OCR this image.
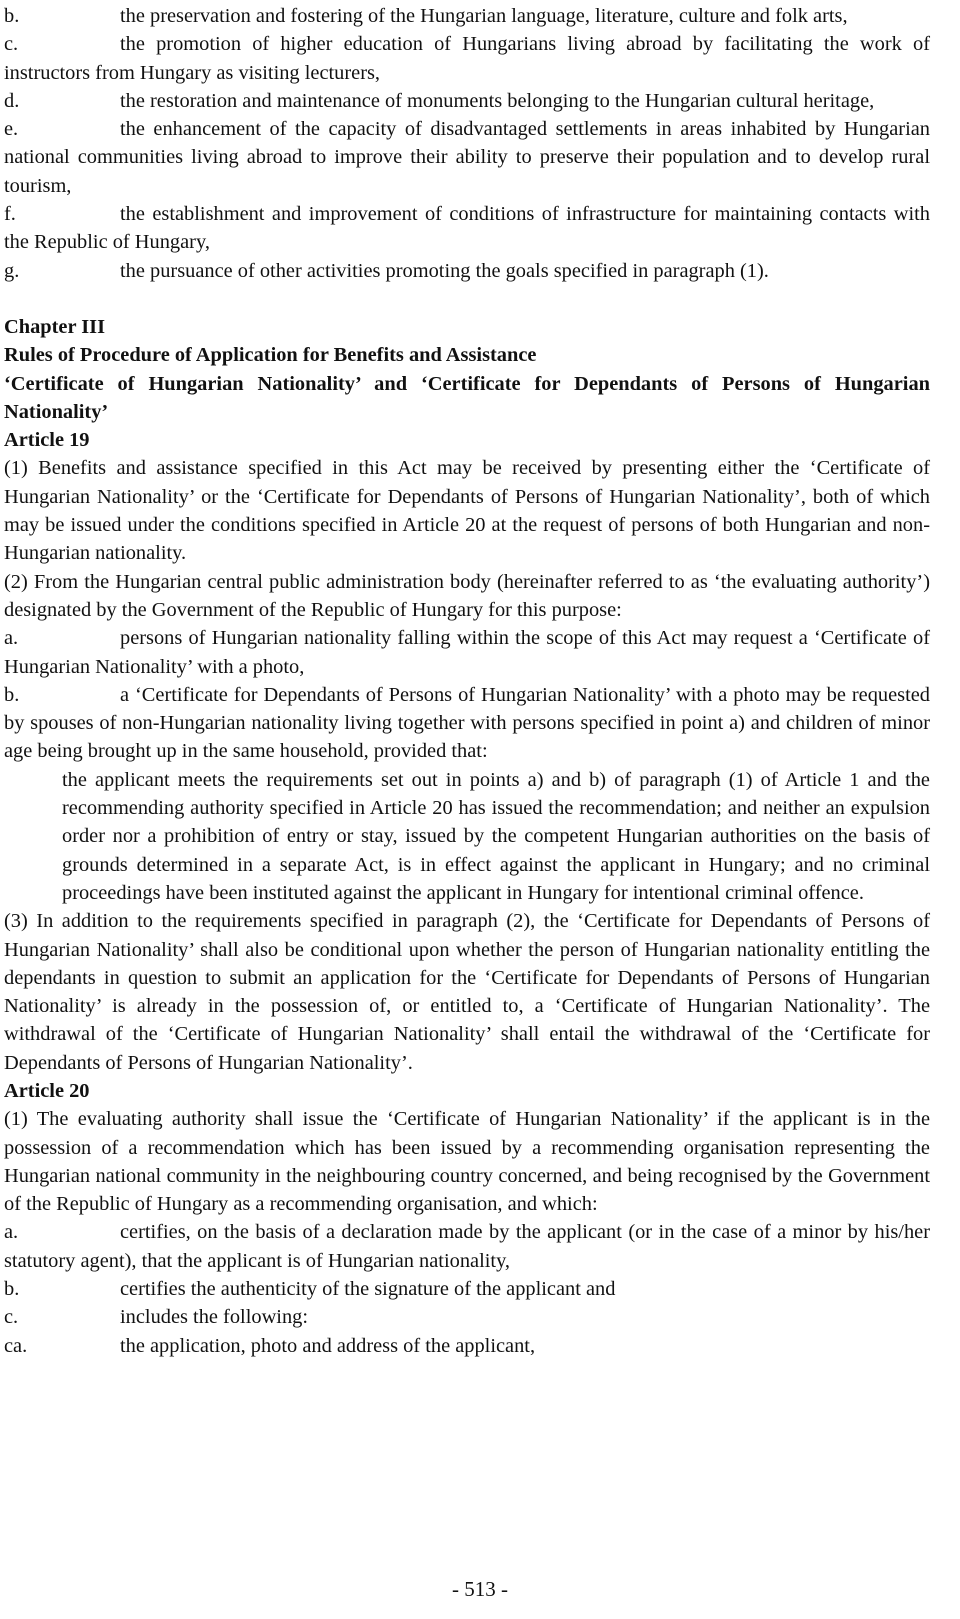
b.	the preservation and fostering of the Hungarian language, literature, culture and folk arts,

c.	the promotion of higher education of Hungarians living abroad by facilitating the work of instructors from Hungary as visiting lecturers,

d.	the restoration and maintenance of monuments belonging to the Hungarian cultural heritage,

e.	the enhancement of the capacity of disadvantaged settlements in areas inhabited by Hungarian national communities living abroad to improve their ability to preserve their population and to develop rural tourism,

f.	the establishment and improvement of conditions of infrastructure for maintaining contacts with the Republic of Hungary,

g.	the pursuance of other activities promoting the goals specified in paragraph (1).

Chapter III

Rules of Procedure of Application for Benefits and Assistance

‘Certificate of Hungarian Nationality’ and ‘Certificate for Dependants of Persons of Hungarian Nationality’

Article 19

(1) Benefits and assistance specified in this Act may be received by presenting either the ‘Certificate of Hungarian Nationality’ or the ‘Certificate for Dependants of Persons of Hungarian Nationality’, both of which may be issued under the conditions specified in Article 20 at the request of persons of both Hungarian and non-Hungarian nationality.

(2) From the Hungarian central public administration body (hereinafter referred to as ‘the evaluating authority’) designated by the Government of the Republic of Hungary for this purpose:

a.	persons of Hungarian nationality falling within the scope of this Act may request a ‘Certificate of Hungarian Nationality’ with a photo,

b.	a ‘Certificate for Dependants of Persons of Hungarian Nationality’ with a photo may be requested by spouses of non-Hungarian nationality living together with persons specified in point a) and children of minor age being brought up in the same household, provided that:

the applicant meets the requirements set out in points a) and b) of paragraph (1) of Article 1 and the recommending authority specified in Article 20 has issued the recommendation; and neither an expulsion order nor a prohibition of entry or stay, issued by the competent Hungarian authorities on the basis of grounds determined in a separate Act, is in effect against the applicant in Hungary; and no criminal proceedings have been instituted against the applicant in Hungary for intentional criminal offence.

(3) In addition to the requirements specified in paragraph (2), the ‘Certificate for Dependants of Persons of Hungarian Nationality’ shall also be conditional upon whether the person of Hungarian nationality entitling the dependants in question to submit an application for the ‘Certificate for Dependants of Persons of Hungarian Nationality’ is already in the possession of, or entitled to, a ‘Certificate of Hungarian Nationality’. The withdrawal of the ‘Certificate of Hungarian Nationality’ shall entail the withdrawal of the ‘Certificate for Dependants of Persons of Hungarian Nationality’.

Article 20

(1) The evaluating authority shall issue the ‘Certificate of Hungarian Nationality’ if the applicant is in the possession of a recommendation which has been issued by a recommending organisation representing the Hungarian national community in the neighbouring country concerned, and being recognised by the Government of the Republic of Hungary as a recommending organisation, and which:

a.	certifies, on the basis of a declaration made by the applicant (or in the case of a minor by his/her statutory agent), that the applicant is of Hungarian nationality,

b.	certifies the authenticity of the signature of the applicant and

c.	includes the following:

ca.	the application, photo and address of the applicant,

- 513 -
